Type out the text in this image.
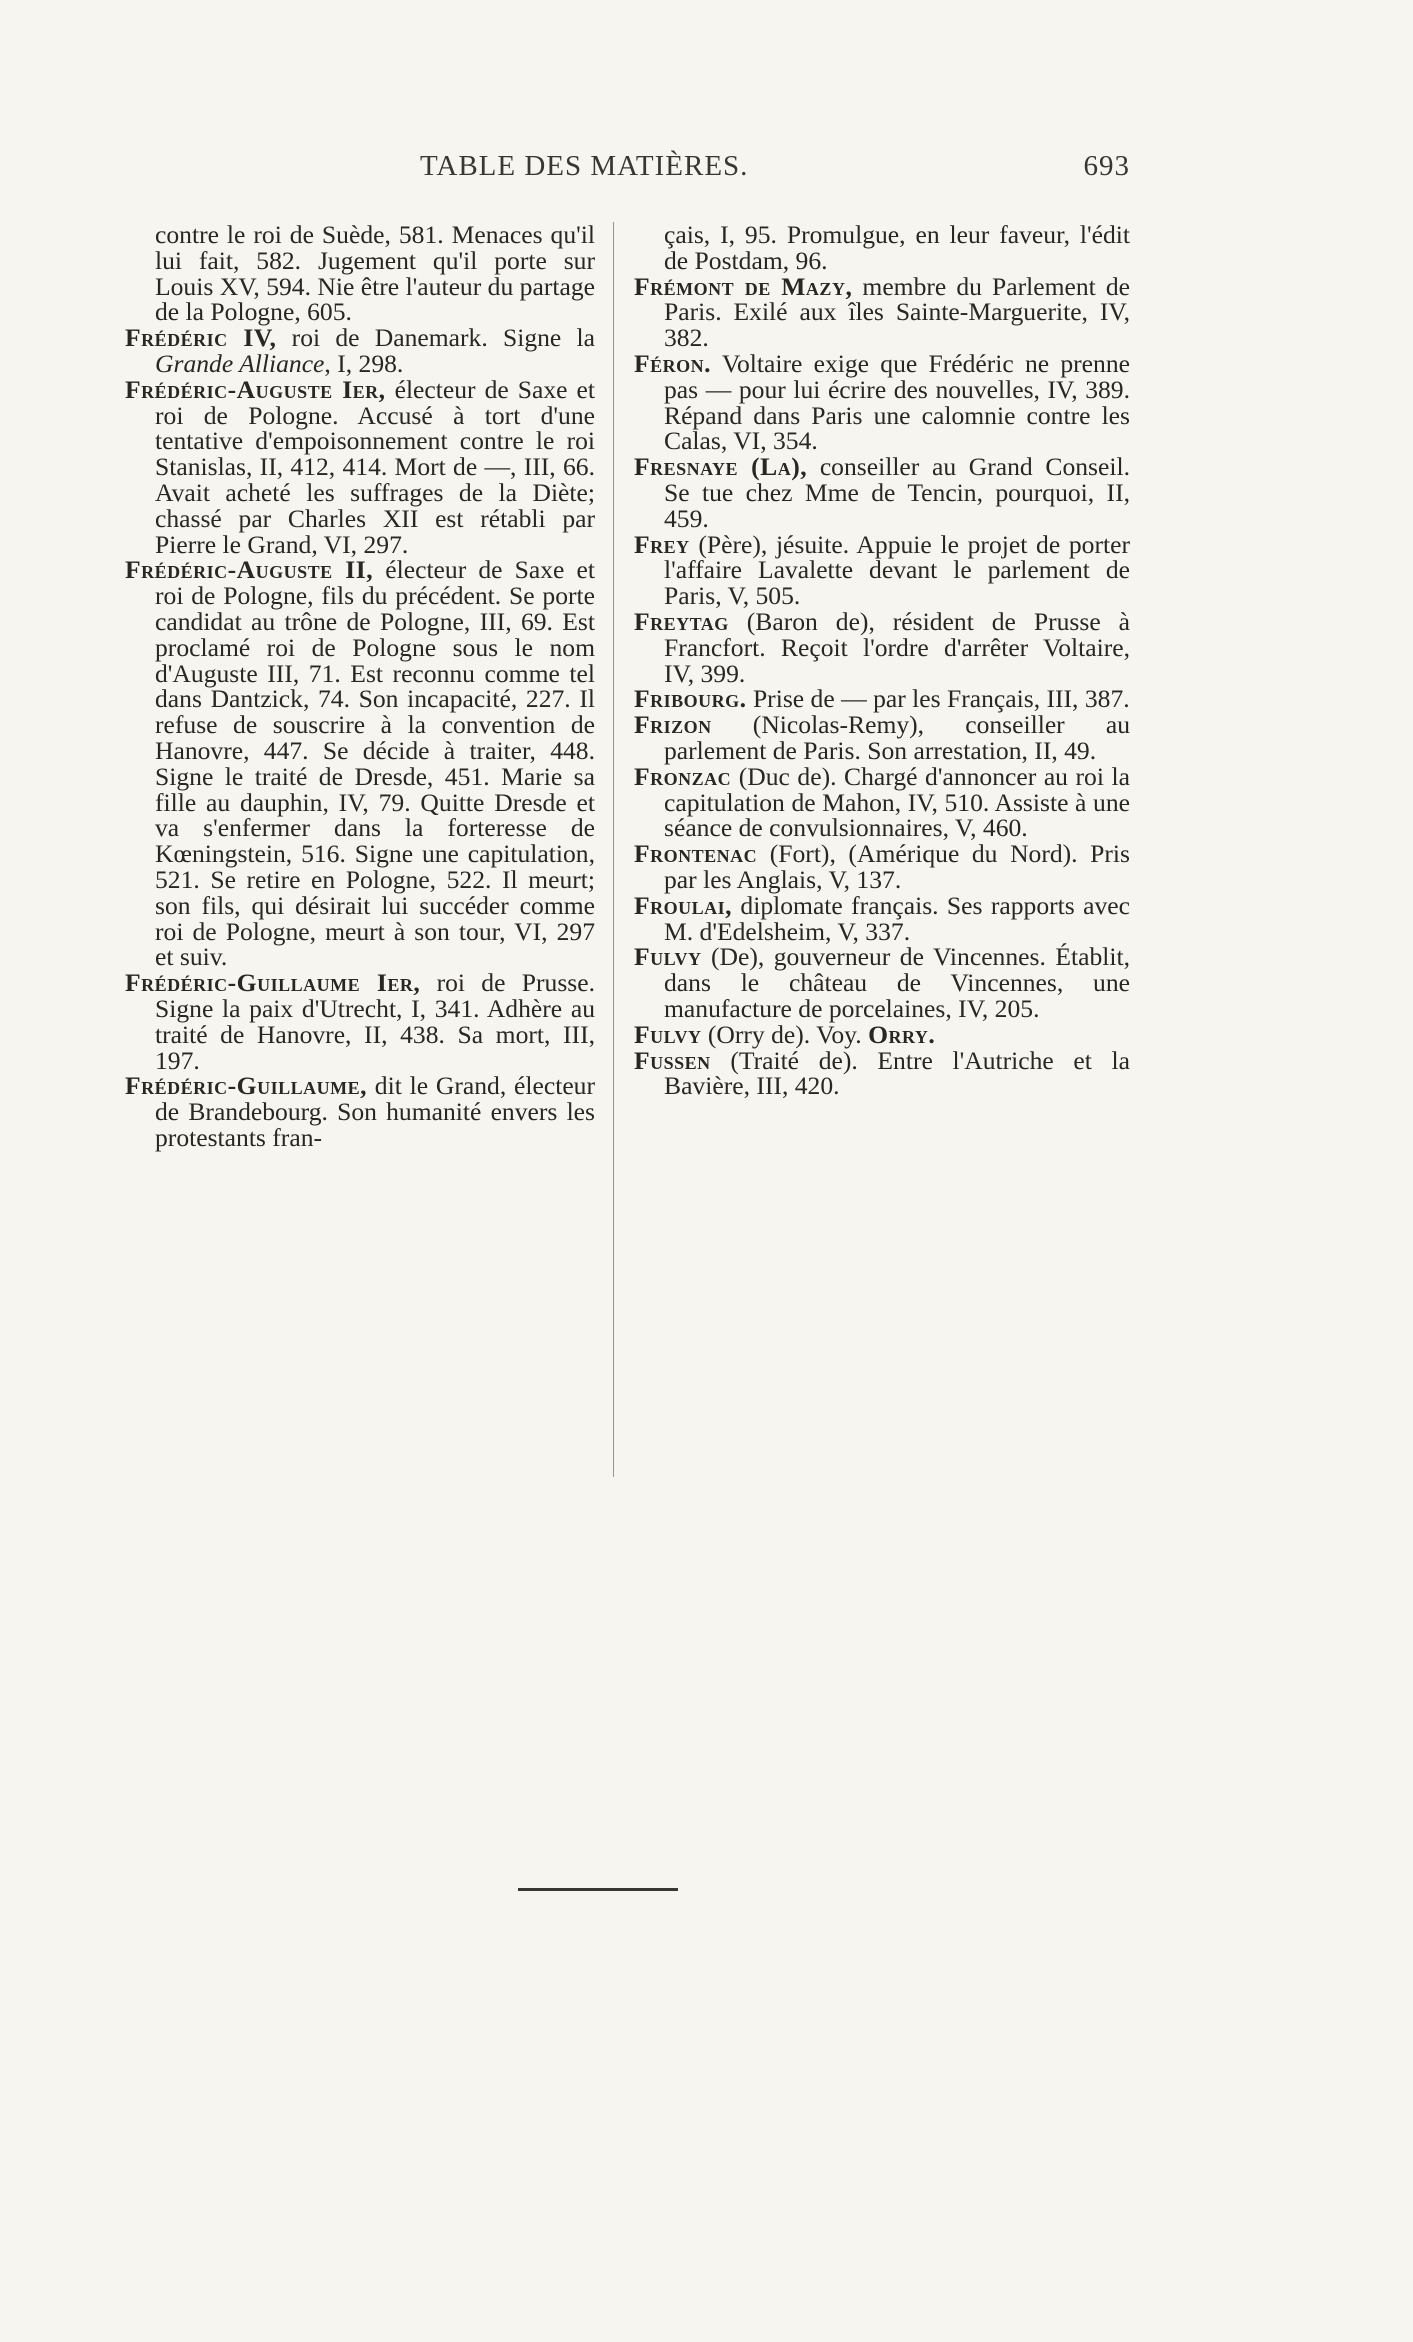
TABLE DES MATIÈRES.	693

contre le roi de Suède, 581. Menaces qu'il lui fait, 582. Jugement qu'il porte sur Louis XV, 594. Nie être l'auteur du partage de la Pologne, 605.

Frédéric IV, roi de Danemark. Signe la Grande Alliance, I, 298.

Frédéric-Auguste Ier, électeur de Saxe et roi de Pologne. Accusé à tort d'une tentative d'empoisonnement contre le roi Stanislas, II, 412, 414. Mort de —, III, 66. Avait acheté les suffrages de la Diète; chassé par Charles XII est rétabli par Pierre le Grand, VI, 297.

Frédéric-Auguste II, électeur de Saxe et roi de Pologne, fils du précédent. Se porte candidat au trône de Pologne, III, 69. Est proclamé roi de Pologne sous le nom d'Auguste III, 71. Est reconnu comme tel dans Dantzick, 74. Son incapacité, 227. Il refuse de souscrire à la convention de Hanovre, 447. Se décide à traiter, 448. Signe le traité de Dresde, 451. Marie sa fille au dauphin, IV, 79. Quitte Dresde et va s'enfermer dans la forteresse de Kœningstein, 516. Signe une capitulation, 521. Se retire en Pologne, 522. Il meurt; son fils, qui désirait lui succéder comme roi de Pologne, meurt à son tour, VI, 297 et suiv.

Frédéric-Guillaume Ier, roi de Prusse. Signe la paix d'Utrecht, I, 341. Adhère au traité de Hanovre, II, 438. Sa mort, III, 197.

Frédéric-Guillaume, dit le Grand, électeur de Brandebourg. Son humanité envers les protestants fran-

çais, I, 95. Promulgue, en leur faveur, l'édit de Postdam, 96.

Frémont de Mazy, membre du Parlement de Paris. Exilé aux îles Sainte-Marguerite, IV, 382.

Féron. Voltaire exige que Frédéric ne prenne pas — pour lui écrire des nouvelles, IV, 389. Répand dans Paris une calomnie contre les Calas, VI, 354.

Fresnaye (La), conseiller au Grand Conseil. Se tue chez Mme de Tencin, pourquoi, II, 459.

Frey (Père), jésuite. Appuie le projet de porter l'affaire Lavalette devant le parlement de Paris, V, 505.

Freytag (Baron de), résident de Prusse à Francfort. Reçoit l'ordre d'arrêter Voltaire, IV, 399.

Fribourg. Prise de — par les Français, III, 387.

Frizon (Nicolas-Remy), conseiller au parlement de Paris. Son arrestation, II, 49.

Fronzac (Duc de). Chargé d'annoncer au roi la capitulation de Mahon, IV, 510. Assiste à une séance de convulsionnaires, V, 460.

Frontenac (Fort), (Amérique du Nord). Pris par les Anglais, V, 137.

Froulai, diplomate français. Ses rapports avec M. d'Edelsheim, V, 337.

Fulvy (De), gouverneur de Vincennes. Établit, dans le château de Vincennes, une manufacture de porcelaines, IV, 205.

Fulvy (Orry de). Voy. Orry.

Fussen (Traité de). Entre l'Autriche et la Bavière, III, 420.
